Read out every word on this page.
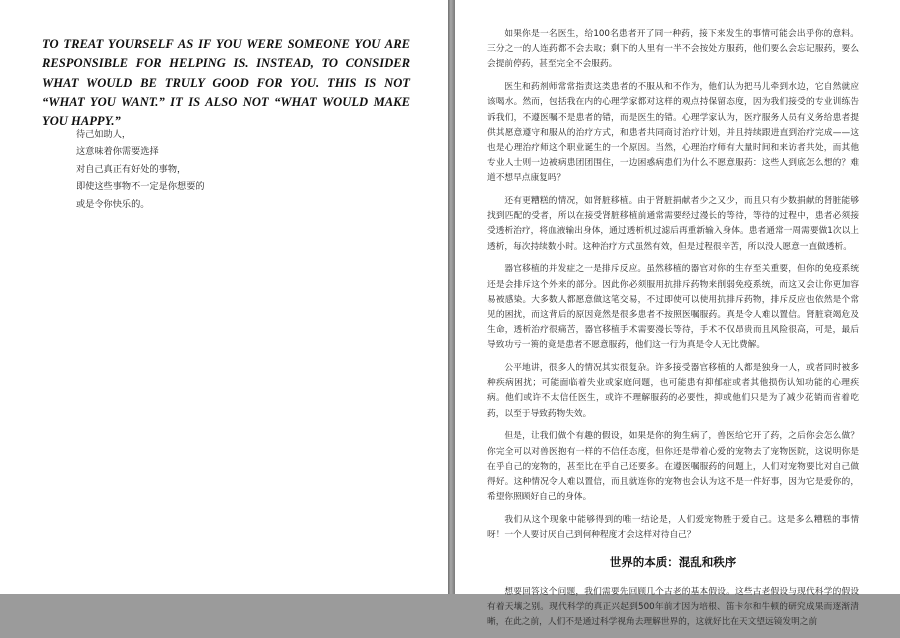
TO TREAT YOURSELF AS IF YOU WERE SOMEONE YOU ARE RESPONSIBLE FOR HELPING IS. INSTEAD, TO CONSIDER WHAT WOULD BE TRULY GOOD FOR YOU. THIS IS NOT “WHAT YOU WANT.” IT IS ALSO NOT “WHAT WOULD MAKE YOU HAPPY.”

待己如助人，
这意味着你需要选择
对自己真正有好处的事物，
即使这些事物不一定是你想要的
或是令你快乐的。

如果你是一名医生，给100名患者开了同一种药，接下来发生的事情可能会出乎你的意料。三分之一的人连药都不会去取；剩下的人里有一半不会按处方服药，他们要么会忘记服药，要么会提前停药，甚至完全不会服药。

医生和药剂师常常指责这类患者的不服从和不作为，他们认为把马儿牵到水边，它自然就应该喝水。然而，包括我在内的心理学家都对这样的观点持保留态度，因为我们接受的专业训练告诉我们，不遵医嘱不是患者的错，而是医生的错。心理学家认为，医疗服务人员有义务给患者提供其愿意遵守和服从的治疗方式，和患者共同商讨治疗计划，并且持续跟进直到治疗完成——这也是心理治疗师这个职业诞生的一个原因。当然，心理治疗师有大量时间和来访者共处，而其他专业人士则一边被病患团团围住，一边困惑病患们为什么不愿意服药：这些人到底怎么想的？难道不想早点康复吗？

还有更糟糕的情况，如肾脏移植。由于肾脏捐献者少之又少，而且只有少数捐献的肾脏能够找到匹配的受者，所以在接受肾脏移植前通常需要经过漫长的等待，等待的过程中，患者必须接受透析治疗，将血液输出身体，通过透析机过滤后再重新输入身体。患者通常一周需要做1次以上透析，每次持续数小时。这种治疗方式虽然有效，但是过程很辛苦，所以没人愿意一直做透析。

器官移植的并发症之一是排斥反应。虽然移植的器官对你的生存至关重要，但你的免疫系统还是会排斥这个外来的部分。因此你必须服用抗排斥药物来削弱免疫系统，而这又会让你更加容易被感染。大多数人都愿意做这笔交易，不过即使可以使用抗排斥药物，排斥反应也依然是个常见的困扰，而这背后的原因竟然是很多患者不按照医嘱服药。真是令人难以置信。肾脏衰竭危及生命，透析治疗很痛苦，器官移植手术需要漫长等待，手术不仅昂贵而且风险很高，可是，最后导致功亏一篑的竟是患者不愿意服药，他们这一行为真是令人无比费解。

公平地讲，很多人的情况其实很复杂。许多接受器官移植的人都是独身一人，或者同时被多种疾病困扰；可能面临着失业或家庭问题，也可能患有抑郁症或者其他损伤认知功能的心理疾病。他们或许不太信任医生，或许不理解服药的必要性，抑或他们只是为了减少花销而省着吃药，以至于导致药物失效。

但是，让我们做个有趣的假设，如果是你的狗生病了，兽医给它开了药，之后你会怎么做？你完全可以对兽医抱有一样的不信任态度，但你还是带着心爱的宠物去了宠物医院，这说明你是在乎自己的宠物的，甚至比在乎自己还要多。在遵医嘱服药的问题上，人们对宠物要比对自己做得好。这种情况令人难以置信，而且就连你的宠物也会认为这不是一件好事，因为它是爱你的，希望你照顾好自己的身体。

我们从这个现象中能够得到的唯一结论是，人们爱宠物胜于爱自己。这是多么糟糕的事情呀！一个人要讨厌自己到何种程度才会这样对待自己？

世界的本质：混乱和秩序

想要回答这个问题，我们需要先回顾几个古老的基本假设。这些古老假设与现代科学的假设有着天壤之别。现代科学的真正兴起到500年前才因为培根、笛卡尔和牛顿的研究成果而逐渐清晰，在此之前，人们不是通过科学视角去理解世界的，这就好比在天文望远镜发明之前
